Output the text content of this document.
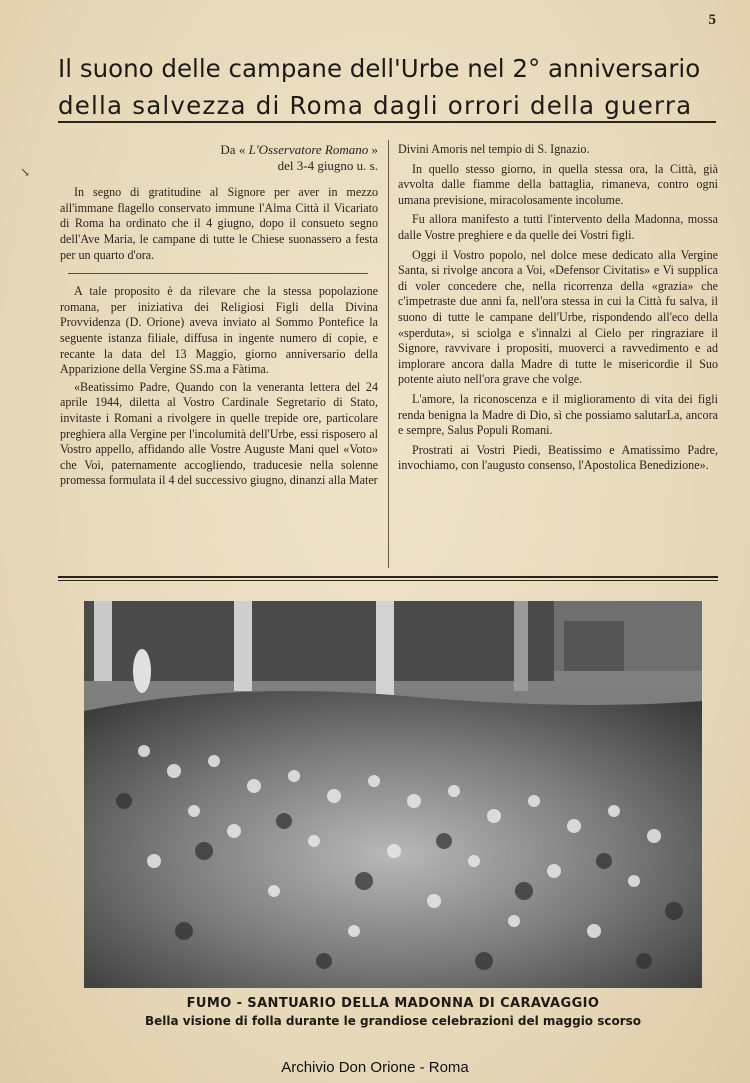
5
↘
Il suono delle campane dell'Urbe nel 2° anniversario
della salvezza di Roma dagli orrori della guerra
Da « L'Osservatore Romano »
del 3-4 giugno u. s.

In segno di gratitudine al Signore per aver in mezzo all'immane flagello conservato immune l'Alma Città il Vicariato di Roma ha ordinato che il 4 giugno, dopo il consueto segno dell'Ave Maria, le campane di tutte le Chiese suonassero a festa per un quarto d'ora.

A tale proposito è da rilevare che la stessa popolazione romana, per iniziativa dei Religiosi Figli della Divina Provvidenza (D. Orione) aveva inviato al Sommo Pontefice la seguente istanza filiale, diffusa in ingente numero di copie, e recante la data del 13 Maggio, giorno anniversario della Apparizione della Vergine SS.ma a Fàtima.

«Beatissimo Padre, Quando con la veneranta lettera del 24 aprile 1944, diletta al Vostro Cardinale Segretario di Stato, invitaste i Romani a rivolgere in quelle trepide ore, particolare preghiera alla Vergine per l'incolumità dell'Urbe, essi risposero al Vostro appello, affidando alle Vostre Auguste Mani quel «Voto» che Voi, paternamente accogliendo, traducesie nella solenne promessa formulata il 4 del successivo giugno, dinanzi alla Mater

Divini Amoris nel tempio di S. Ignazio.

In quello stesso giorno, in quella stessa ora, la Città, già avvolta dalle fiamme della battaglia, rimaneva, contro ogni umana previsione, miracolosamente incolume.

Fu allora manifesto a tutti l'intervento della Madonna, mossa dalle Vostre preghiere e da quelle dei Vostri figli.

Oggi il Vostro popolo, nel dolce mese dedicato alla Vergine Santa, si rivolge ancora a Voi, «Defensor Civitatis» e Vi supplica di voler concedere che, nella ricorrenza della «grazia» che c'impetraste due anni fa, nell'ora stessa in cui la Città fu salva, il suono di tutte le campane dell'Urbe, rispondendo all'eco della «sperduta», si sciolga e s'innalzi al Cielo per ringraziare il Signore, ravvivare i propositi, muoverci a ravvedimento e ad implorare ancora dalla Madre di tutte le misericordie il Suo potente aiuto nell'ora grave che volge.

L'amore, la riconoscenza e il miglioramento di vita dei figli renda benigna la Madre di Dio, sì che possiamo salutarLa, ancora e sempre, Salus Populi Romani.

Prostrati ai Vostri Piedi, Beatissimo e Amatissimo Padre, invochiamo, con l'augusto consenso, l'Apostolica Benedizione».

FUMO - SANTUARIO DELLA MADONNA DI CARAVAGGIO
Bella visione di folla durante le grandiose celebrazioni del maggio scorso
Archivio Don Orione - Roma
